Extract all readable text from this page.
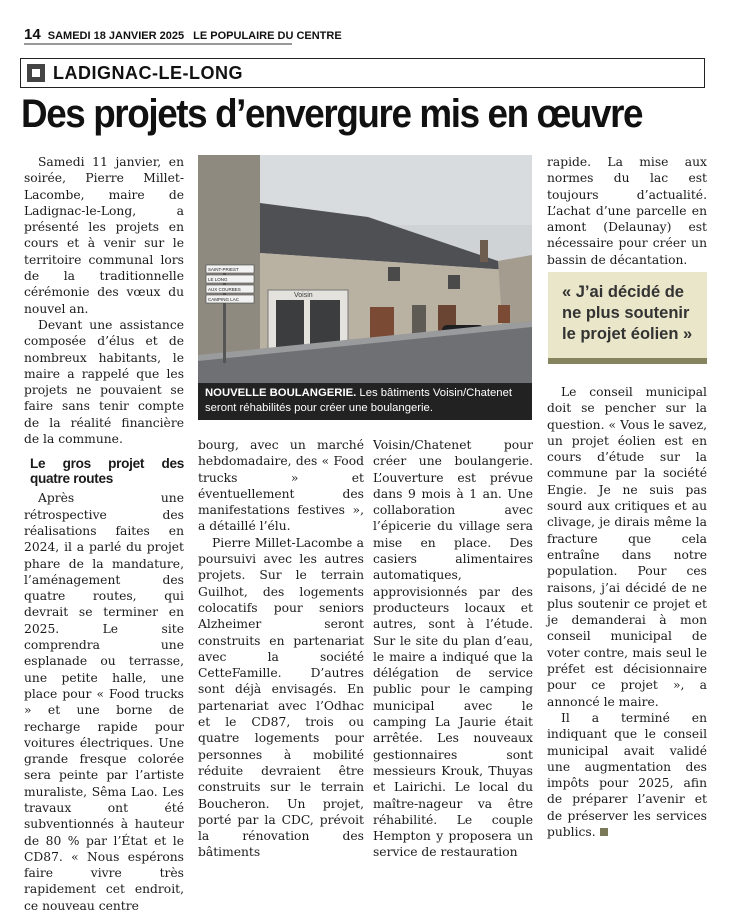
14 SAMEDI 18 JANVIER 2025 LE POPULAIRE DU CENTRE
LADIGNAC-LE-LONG
Des projets d’envergure mis en œuvre

Samedi 11 janvier, en soirée, Pierre Millet-Lacombe, maire de Ladignac-le-Long, a présenté les projets en cours et à venir sur le territoire communal lors de la traditionnelle cérémonie des vœux du nouvel an.

Devant une assistance composée d’élus et de nombreux habitants, le maire a rappelé que les projets ne pouvaient se faire sans tenir compte de la réalité financière de la commune.

Le gros projet des quatre routes

Après une rétrospective des réalisations faites en 2024, il a parlé du projet phare de la mandature, l’aménagement des quatre routes, qui devrait se terminer en 2025. Le site comprendra une esplanade ou terrasse, une petite halle, une place pour « Food trucks » et une borne de recharge rapide pour voitures électriques. Une grande fresque colorée sera peinte par l’artiste muraliste, Sêma Lao. Les travaux ont été subventionnés à hauteur de 80 % par l’État et le CD87. « Nous espérons faire vivre très rapidement cet endroit, ce nouveau centre

Voisin
SAINT-PRIEST
LE LONG
AUX COURBES
CAMPING LAC
NOUVELLE BOULANGERIE. Les bâtiments Voisin/Chatenet seront réhabilités pour créer une boulangerie.

bourg, avec un marché hebdomadaire, des « Food trucks » et éventuellement des manifestations festives », a détaillé l’élu.

Pierre Millet-Lacombe a poursuivi avec les autres projets. Sur le terrain Guilhot, des logements colocatifs pour seniors Alzheimer seront construits en partenariat avec la société CetteFamille. D’autres sont déjà envisagés. En partenariat avec l’Odhac et le CD87, trois ou quatre logements pour personnes à mobilité réduite devraient être construits sur le terrain Boucheron. Un projet, porté par la CDC, prévoit la rénovation des bâtiments

Voisin/Chatenet pour créer une boulangerie. L’ouverture est prévue dans 9 mois à 1 an. Une collaboration avec l’épicerie du village sera mise en place. Des casiers alimentaires automatiques, approvisionnés par des producteurs locaux et autres, sont à l’étude. Sur le site du plan d’eau, le maire a indiqué que la délégation de service public pour le camping municipal avec le camping La Jaurie était arrêtée. Les nouveaux gestionnaires sont messieurs Krouk, Thuyas et Lairichi. Le local du maître-nageur va être réhabilité. Le couple Hempton y proposera un service de restauration

rapide. La mise aux normes du lac est toujours d’actualité. L’achat d’une parcelle en amont (Delaunay) est nécessaire pour créer un bassin de décantation.

« J’ai décidé de ne plus soutenir le projet éolien »

Le conseil municipal doit se pencher sur la question. « Vous le savez, un projet éolien est en cours d’étude sur la commune par la société Engie. Je ne suis pas sourd aux critiques et au clivage, je dirais même la fracture que cela entraîne dans notre population. Pour ces raisons, j’ai décidé de ne plus soutenir ce projet et je demanderai à mon conseil municipal de voter contre, mais seul le préfet est décisionnaire pour ce projet », a annoncé le maire.

Il a terminé en indiquant que le conseil municipal avait validé une augmentation des impôts pour 2025, afin de préparer l’avenir et de préserver les services publics.
